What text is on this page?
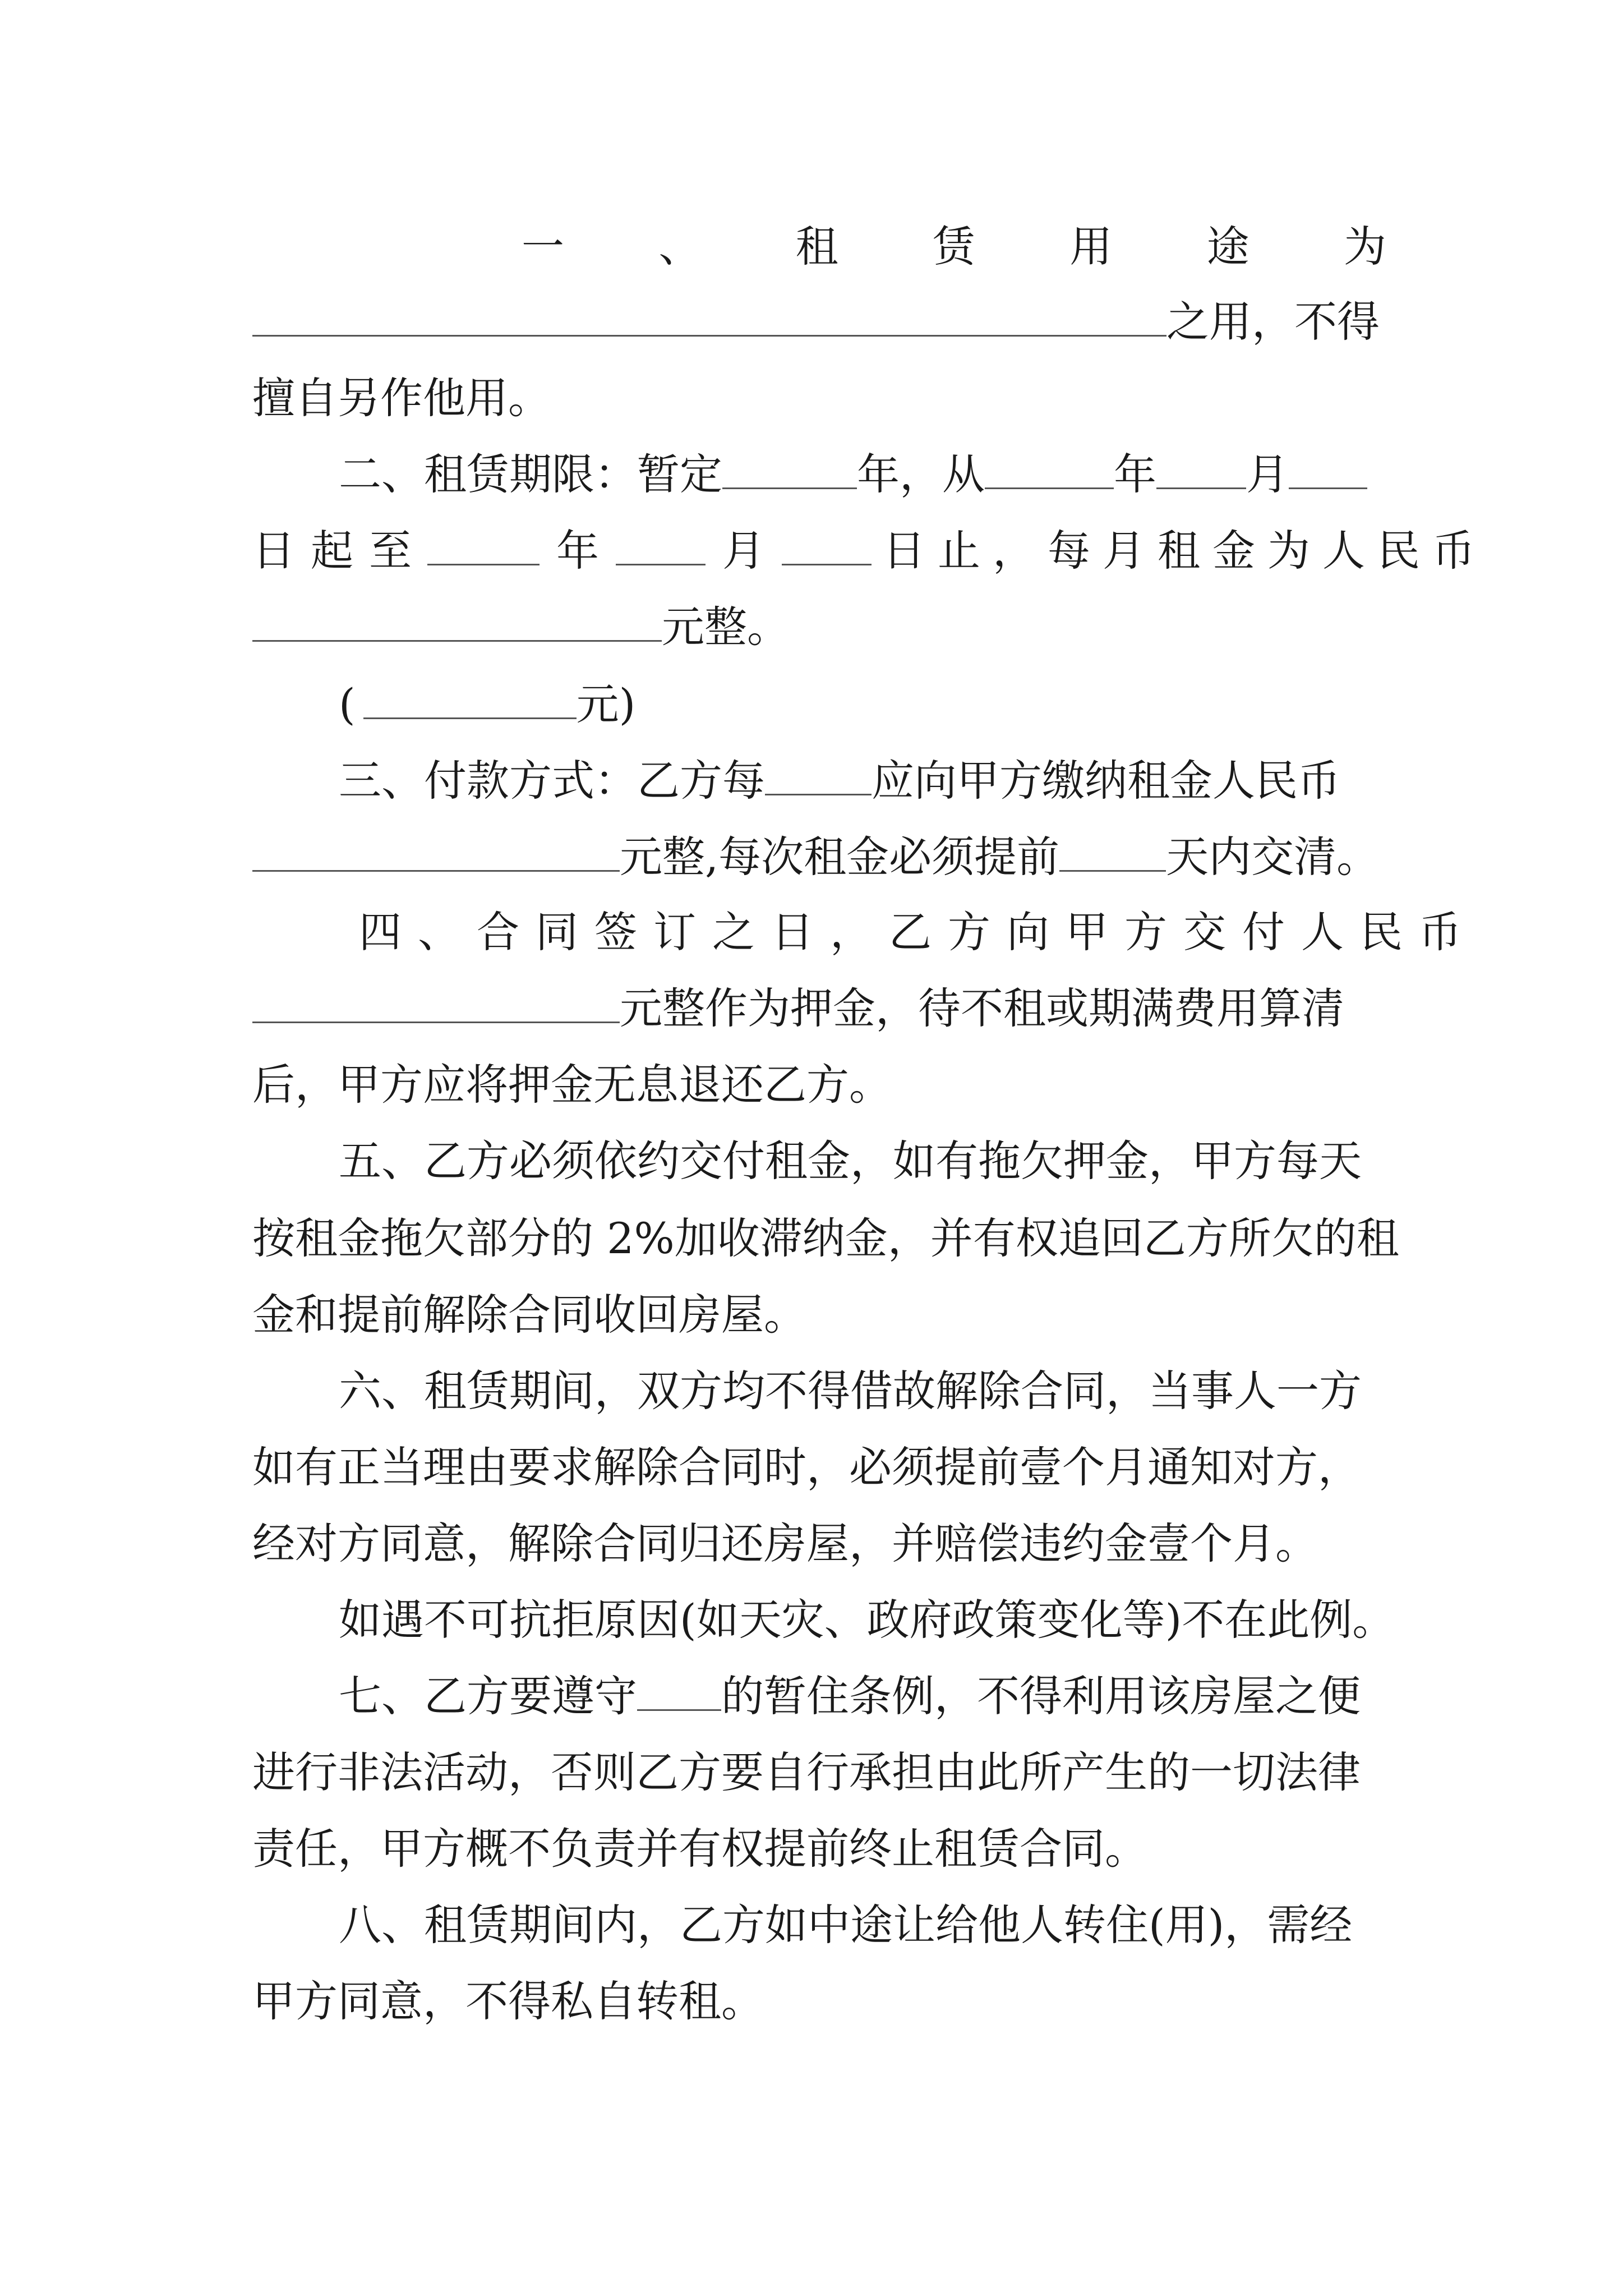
一 、 租 赁 用 途 为
之用，不得
擅自另作他用。
二、租赁期限：暂定	年，从	年 月
日起至	年	月	日止，每月租金为人民币
元整。
(	元)
三、付款方式：乙方每	应向甲方缴纳租金人民币
元整,每次租金必须提前	天内交清。
四、合同签订之日，乙方向甲方交付人民币
元整作为押金，待不租或期满费用算清
后，甲方应将押金无息退还乙方。
五、乙方必须依约交付租金，如有拖欠押金，甲方每天
按租金拖欠部分的 2%加收滞纳金，并有权追回乙方所欠的租
金和提前解除合同收回房屋。
六、租赁期间，双方均不得借故解除合同，当事人一方
如有正当理由要求解除合同时，必须提前壹个月通知对方，
经对方同意，解除合同归还房屋，并赔偿违约金壹个月。
如遇不可抗拒原因(如天灾、政府政策变化等)不在此例。
七、乙方要遵守 的暂住条例，不得利用该房屋之便
进行非法活动，否则乙方要自行承担由此所产生的一切法律
责任，甲方概不负责并有权提前终止租赁合同。
八、租赁期间内，乙方如中途让给他人转住(用)，需经
甲方同意，不得私自转租。
